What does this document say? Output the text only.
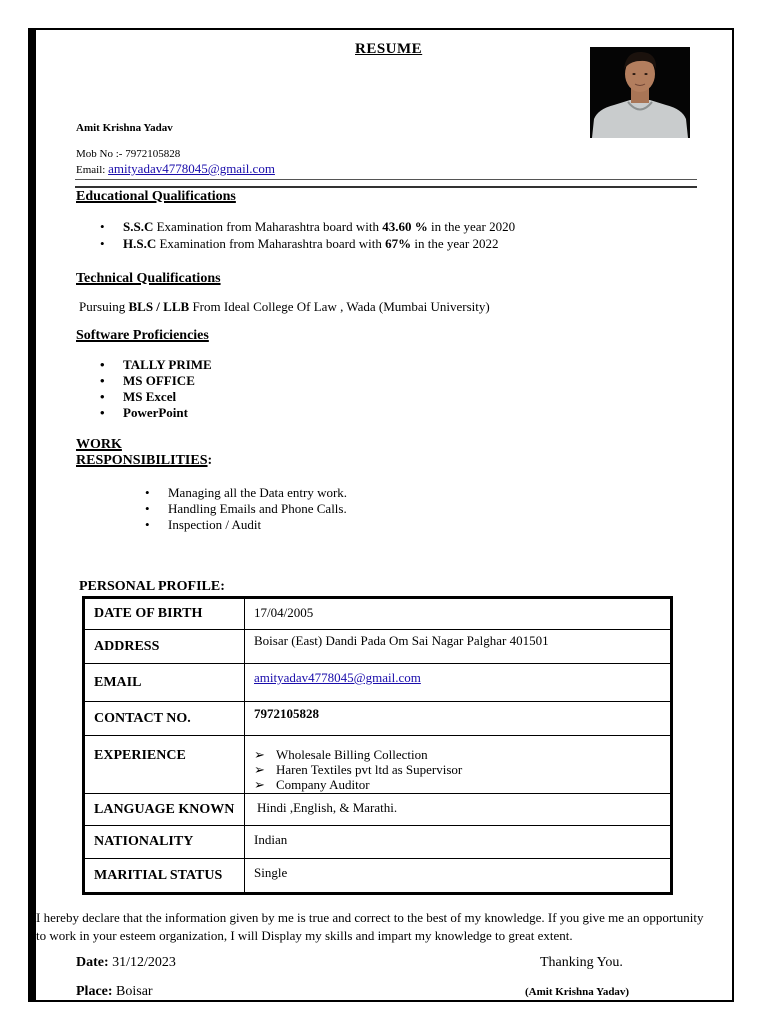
RESUME
Amit Krishna Yadav
Mob No :- 7972105828
Email: amityadav4778045@gmail.com
Educational Qualifications
• S.S.C Examination from Maharashtra board with 43.60 % in the year 2020
• H.S.C Examination from Maharashtra board with 67% in the year 2022
Technical Qualifications
Pursuing BLS / LLB From Ideal College Of Law , Wada (Mumbai University)
Software Proficiencies
• TALLY PRIME
• MS OFFICE
• MS Excel
• PowerPoint
WORK
RESPONSIBILITIES:
• Managing all the Data entry work.
• Handling Emails and Phone Calls.
• Inspection / Audit
PERSONAL PROFILE:
DATE OF BIRTH	17/04/2005
ADDRESS	Boisar (East) Dandi Pada Om Sai Nagar Palghar 401501
EMAIL	amityadav4778045@gmail.com
CONTACT NO.	7972105828
EXPERIENCE	➢ Wholesale Billing Collection
➢ Haren Textiles pvt ltd as Supervisor
➢ Company Auditor

LANGUAGE KNOWN	Hindi ,English, & Marathi.
NATIONALITY	Indian
MARITIAL STATUS	Single
I hereby declare that the information given by me is true and correct to the best of my knowledge. If you give me an opportunity to work in your esteem organization, I will Display my skills and impart my knowledge to great extent.
Date: 31/12/2023
Place: Boisar
Thanking You.
(Amit Krishna Yadav)
